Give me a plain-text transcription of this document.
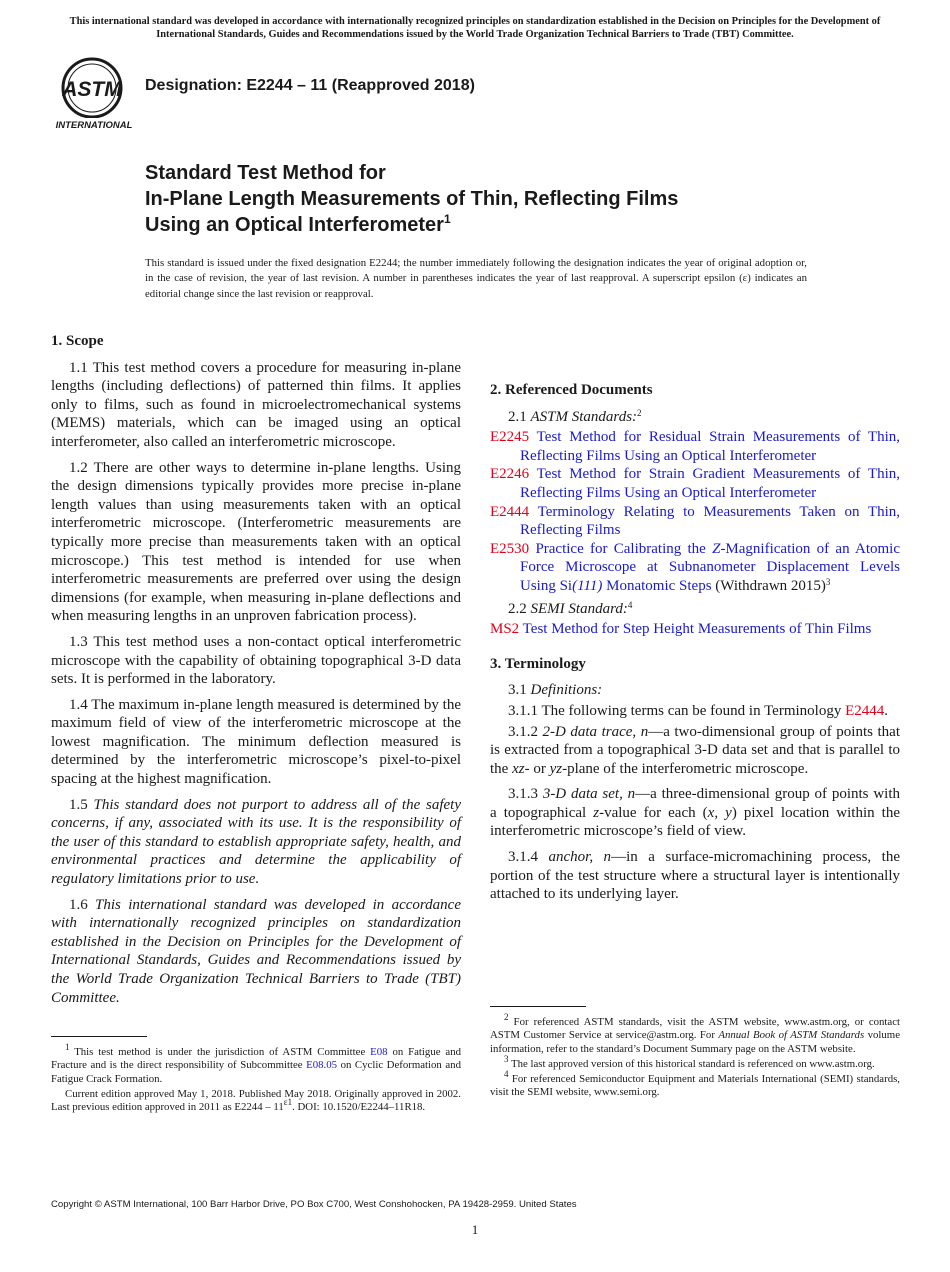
This international standard was developed in accordance with internationally recognized principles on standardization established in the Decision on Principles for the Development of International Standards, Guides and Recommendations issued by the World Trade Organization Technical Barriers to Trade (TBT) Committee.
ASTM
INTERNATIONAL
Designation: E2244 – 11 (Reapproved 2018)
Standard Test Method for
In-Plane Length Measurements of Thin, Reflecting Films
Using an Optical Interferometer$^1$
This standard is issued under the fixed designation E2244; the number immediately following the designation indicates the year of original adoption or, in the case of revision, the year of last revision. A number in parentheses indicates the year of last reapproval. A superscript epsilon (ε) indicates an editorial change since the last revision or reapproval.
1. Scope

1.1 This test method covers a procedure for measuring in-plane lengths (including deflections) of patterned thin films. It applies only to films, such as found in microelectromechanical systems (MEMS) materials, which can be imaged using an optical interferometer, also called an interferometric microscope.

1.2 There are other ways to determine in-plane lengths. Using the design dimensions typically provides more precise in-plane length values than using measurements taken with an optical interferometric microscope. (Interferometric measurements are typically more precise than measurements taken with an optical microscope.) This test method is intended for use when interferometric measurements are preferred over using the design dimensions (for example, when measuring in-plane deflections and when measuring lengths in an unproven fabrication process).

1.3 This test method uses a non-contact optical interferometric microscope with the capability of obtaining topographical 3-D data sets. It is performed in the laboratory.

1.4 The maximum in-plane length measured is determined by the maximum field of view of the interferometric microscope at the lowest magnification. The minimum deflection measured is determined by the interferometric microscope’s pixel-to-pixel spacing at the highest magnification.

1.5 This standard does not purport to address all of the safety concerns, if any, associated with its use. It is the responsibility of the user of this standard to establish appropriate safety, health, and environmental practices and determine the applicability of regulatory limitations prior to use.

1.6 This international standard was developed in accordance with internationally recognized principles on standardization established in the Decision on Principles for the Development of International Standards, Guides and Recommendations issued by the World Trade Organization Technical Barriers to Trade (TBT) Committee.

2. Referenced Documents
2.1 ASTM Standards:$^2$
E2245 Test Method for Residual Strain Measurements of Thin, Reflecting Films Using an Optical Interferometer
E2246 Test Method for Strain Gradient Measurements of Thin, Reflecting Films Using an Optical Interferometer
E2444 Terminology Relating to Measurements Taken on Thin, Reflecting Films
E2530 Practice for Calibrating the Z-Magnification of an Atomic Force Microscope at Subnanometer Displacement Levels Using Si(111) Monatomic Steps (Withdrawn 2015)$^3$
2.2 SEMI Standard:$^4$
MS2 Test Method for Step Height Measurements of Thin Films
3. Terminology
3.1 Definitions:

3.1.1 The following terms can be found in Terminology E2444.

3.1.2 2-D data trace, n—a two-dimensional group of points that is extracted from a topographical 3-D data set and that is parallel to the xz- or yz-plane of the interferometric microscope.

3.1.3 3-D data set, n—a three-dimensional group of points with a topographical z-value for each (x, y) pixel location within the interferometric microscope’s field of view.

3.1.4 anchor, n—in a surface-micromachining process, the portion of the test structure where a structural layer is intentionally attached to its underlying layer.

$^1$ This test method is under the jurisdiction of ASTM Committee E08 on Fatigue and Fracture and is the direct responsibility of Subcommittee E08.05 on Cyclic Deformation and Fatigue Crack Formation.

Current edition approved May 1, 2018. Published May 2018. Originally approved in 2002. Last previous edition approved in 2011 as $E2244 - 11^{\varepsilon 1}$. DOI: 10.1520/E2244–11R18.

$^2$ For referenced ASTM standards, visit the ASTM website, www.astm.org, or contact ASTM Customer Service at service@astm.org. For Annual Book of ASTM Standards volume information, refer to the standard’s Document Summary page on the ASTM website.

$^3$ The last approved version of this historical standard is referenced on www.astm.org.

$^4$ For referenced Semiconductor Equipment and Materials International (SEMI) standards, visit the SEMI website, www.semi.org.

Copyright © ASTM International, 100 Barr Harbor Drive, PO Box C700, West Conshohocken, PA 19428-2959. United States
1
